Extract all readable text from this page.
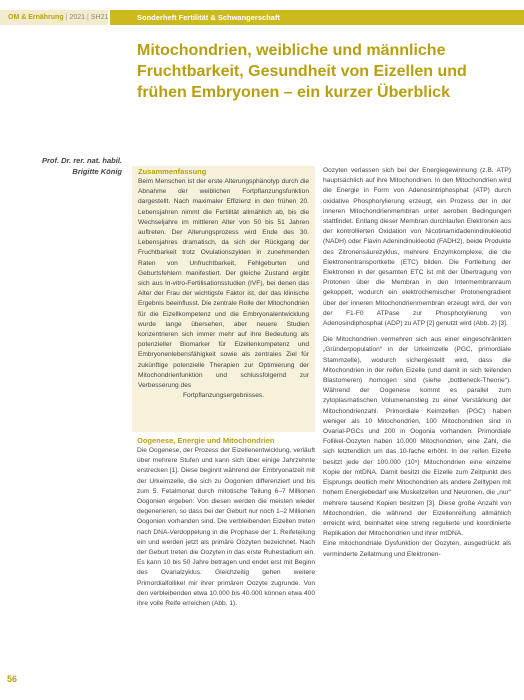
OM & Ernährung | 2021 | SH21	Sonderheft Fertilität & Schwangerschaft
Mitochondrien, weibliche und männliche Fruchtbarkeit, Gesundheit von Eizellen und frühen Embryonen – ein kurzer Überblick
Prof. Dr. rer. nat. habil.
Brigitte König Zusammenfassung

Beim Menschen ist der erste Alterungsphänotyp durch die Abnahme der weiblichen Fortpflanzungsfunktion dargestellt. Nach maximaler Effizienz in den frühen 20. Lebensjahren nimmt die Fertilität allmählich ab, bis die Wechseljahre im mittleren Alter von 50 bis 51 Jahren auftreten. Der Alterungsprozess wird Ende des 30. Lebensjahres dramatisch, da sich der Rückgang der Fruchtbarkeit trotz Ovulationszyklen in zunehmenden Raten von Unfruchtbarkeit, Fehlgeburten und Geburtsfehlern manifestiert. Der gleiche Zustand ergibt sich aus In-vitro-Fertilisationsstudien (IVF), bei denen das Alter der Frau der wichtigste Faktor ist, der das klinische Ergebnis beeinflusst. Die zentrale Rolle der Mitochondrien für die Eizellkompetenz und die Embryonalentwicklung wurde lange übersehen, aber neuere Studien konzentrieren sich immer mehr auf ihre Bedeutung als potenzieller Biomarker für Eizellenkompetenz und Embryonenlebensfähigkeit sowie als zentrales Ziel für zukünftige potenzielle Therapien zur Optimierung der Mitochondrienfunktion und schlussfolgernd zur Verbesserung des
Fortpflanzungsergebnisses.

Oogenese, Energie und Mitochondrien

Die Oogenese, der Prozess der Eizellenentwicklung, verläuft über mehrere Stufen und kann sich über einige Jahrzehnte erstrecken [1]. Diese beginnt während der Embryonalzeit mit der Urkeimzelle, die sich zu Oogonien differenziert und bis zum 5. Fetalmonat durch mitotische Teilung 6–7 Millionen Oogonien ergeben: Von diesen werden die meisten wieder degenerieren, so dass bei der Geburt nur noch 1–2 Millionen Oogonien vorhanden sind. Die verbleibenden Eizellen treten nach DNA-Verdoppelung in die Prophase der 1. Reifeteilung ein und werden jetzt als primäre Oozyten bezeichnet. Nach der Geburt treten die Oozyten in das erste Ruhestadium ein. Es kann 10 bis 50 Jahre betragen und endet erst mit Beginn des Ovarialzyklus. Gleichzeitig gehen weitere Primordialfollikel mir ihrer primären Oozyte zugrunde. Von den verbleibenden etwa 10.000 bis 40.000 können etwa 400 ihre volle Reife erreichen (Abb. 1).

Oozyten verlassen sich bei der Energiegewinnung (z.B. ATP) hauptsächlich auf ihre Mitochondrien. In den Mitochondrien wird die Energie in Form von Adenosintriphosphat (ATP) durch oxidative Phosphorylierung erzeugt, ein Prozess der in der inneren Mitochondrienmembran unter aeroben Bedingungen stattfindet. Entlang dieser Membran durchlaufen Elektronen aus der kontrollierten Oxidation von Nicotinamidadenindinukleotid (NADH) oder Flavin Adenindinukleotid (FADH2), beide Produkte des Zitronensäurezyklus, mehrere Enzymkomplexe, die die Elektronentransportkette (ETC) bilden. Die Fortleitung der Elektronen in der gesamten ETC ist mit der Übertragung von Protonen über die Membran in den Intermembranraum gekoppelt, wodurch ein elektrochemischer Protonengradient über der inneren Mitochondrienmembran erzeugt wird, der von der F1-F0 ATPase zur Phosphorylierung von Adenosindiphosphat (ADP) zu ATP [2] genutzt wird (Abb. 2) [3].

Die Mitochondrien vermehren sich aus einer eingeschränkten „Gründerpopulation“ in der Urkeimzelle (PGC, primordiale Stammzelle), wodurch sichergestellt wird, dass die Mitochondrien in der reifen Eizelle (und damit in sich teilenden Blastomeren) homogen sind (siehe „bottleneck-Theorie“). Während der Oogenese kommt es parallel zum zytoplasmatischen Volumenanstieg zu einer Verstärkung der Mitochondrienzahl. Primordiale Keimzellen (PGC) haben weniger als 10 Mitochondrien, 100 Mitochondrien sind in Ovarial-PGCs und 200 in Oogonia vorhanden. Primordiale Follikel-Oozyten haben 10.000 Mitochondrien, eine Zahl, die sich letztendlich um das 10-fache erhöht. In der reifen Eizelle besitzt jede der 100.000 (10⁵) Mitochondrien eine einzelne Kopie der mtDNA. Damit besitzt die Eizelle zum Zeitpunkt des Eisprungs deutlich mehr Mitochondrien als andere Zelltypen mit hohem Energiebedarf wie Muskelzellen und Neuronen, die „nur“ mehrere tausend Kopien besitzen [3]. Diese große Anzahl von Mitochondrien, die während der Eizellenreifung allmählich erreicht wird, beinhaltet eine streng regulierte und koordinierte Replikation der Mitochondrien und ihrer mtDNA.

Eine mitochondriale Dysfunktion der Oozyten, ausgedrückt als verminderte Zellatmung und Elektronen-

56
